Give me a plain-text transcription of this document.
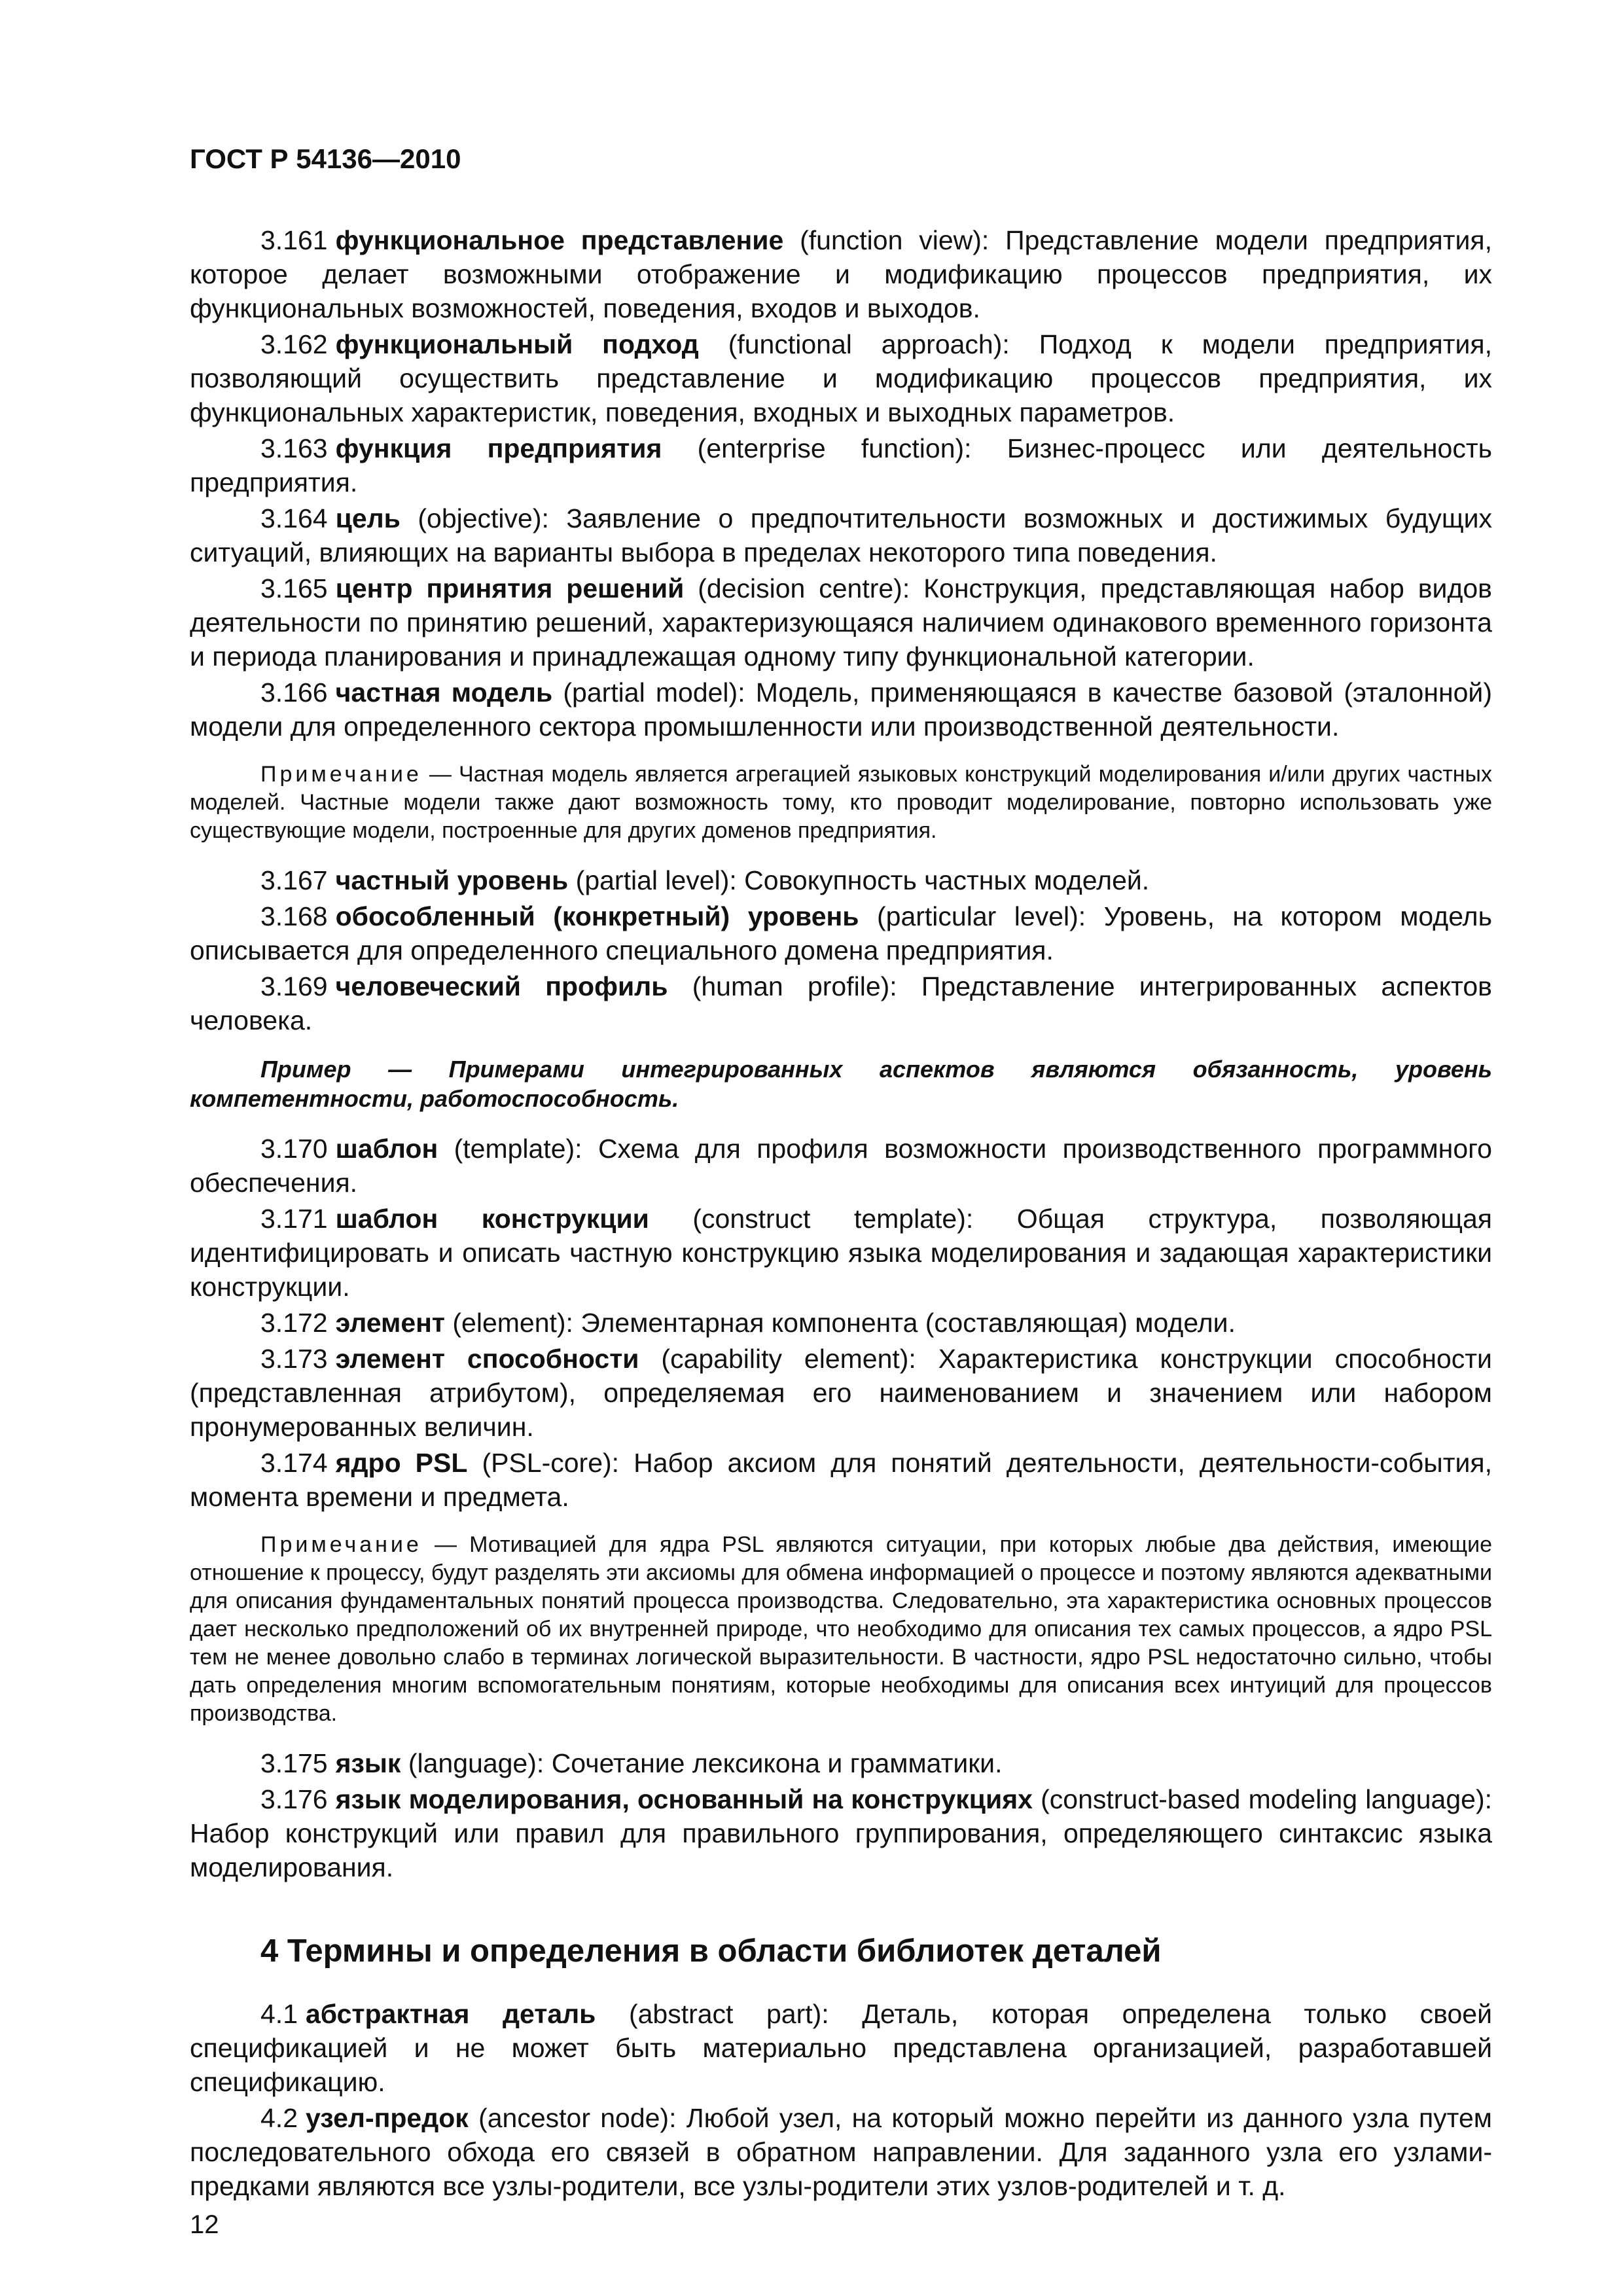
ГОСТ Р 54136—2010

3.161 функциональное представление (function view): Представление модели предприятия, которое делает возможными отображение и модификацию процессов предприятия, их функциональных возможностей, поведения, входов и выходов.

3.162 функциональный подход (functional approach): Подход к модели предприятия, позволяющий осуществить представление и модификацию процессов предприятия, их функциональных характеристик, поведения, входных и выходных параметров.

3.163 функция предприятия (enterprise function): Бизнес-процесс или деятельность предприятия.

3.164 цель (objective): Заявление о предпочтительности возможных и достижимых будущих ситуаций, влияющих на варианты выбора в пределах некоторого типа поведения.

3.165 центр принятия решений (decision centre): Конструкция, представляющая набор видов деятельности по принятию решений, характеризующаяся наличием одинакового временного горизонта и периода планирования и принадлежащая одному типу функциональной категории.

3.166 частная модель (partial model): Модель, применяющаяся в качестве базовой (эталонной) модели для определенного сектора промышленности или производственной деятельности.

Примечание — Частная модель является агрегацией языковых конструкций моделирования и/или других частных моделей. Частные модели также дают возможность тому, кто проводит моделирование, повторно использовать уже существующие модели, построенные для других доменов предприятия.

3.167 частный уровень (partial level): Совокупность частных моделей.

3.168 обособленный (конкретный) уровень (particular level): Уровень, на котором модель описывается для определенного специального домена предприятия.

3.169 человеческий профиль (human profile): Представление интегрированных аспектов человека.

Пример — Примерами интегрированных аспектов являются обязанность, уровень компетентности, работоспособность.

3.170 шаблон (template): Схема для профиля возможности производственного программного обеспечения.

3.171 шаблон конструкции (construct template): Общая структура, позволяющая идентифицировать и описать частную конструкцию языка моделирования и задающая характеристики конструкции.

3.172 элемент (element): Элементарная компонента (составляющая) модели.

3.173 элемент способности (capability element): Характеристика конструкции способности (представленная атрибутом), определяемая его наименованием и значением или набором пронумерованных величин.

3.174 ядро PSL (PSL-core): Набор аксиом для понятий деятельности, деятельности-события, момента времени и предмета.

Примечание — Мотивацией для ядра PSL являются ситуации, при которых любые два действия, имеющие отношение к процессу, будут разделять эти аксиомы для обмена информацией о процессе и поэтому являются адекватными для описания фундаментальных понятий процесса производства. Следовательно, эта характеристика основных процессов дает несколько предположений об их внутренней природе, что необходимо для описания тех самых процессов, а ядро PSL тем не менее довольно слабо в терминах логической выразительности. В частности, ядро PSL недостаточно сильно, чтобы дать определения многим вспомогательным понятиям, которые необходимы для описания всех интуиций для процессов производства.

3.175 язык (language): Сочетание лексикона и грамматики.

3.176 язык моделирования, основанный на конструкциях (construct-based modeling language): Набор конструкций или правил для правильного группирования, определяющего синтаксис языка моделирования.

4 Термины и определения в области библиотек деталей

4.1 абстрактная деталь (abstract part): Деталь, которая определена только своей спецификацией и не может быть материально представлена организацией, разработавшей спецификацию.

4.2 узел-предок (ancestor node): Любой узел, на который можно перейти из данного узла путем последовательного обхода его связей в обратном направлении. Для заданного узла его узлами-предками являются все узлы-родители, все узлы-родители этих узлов-родителей и т. д.

12
